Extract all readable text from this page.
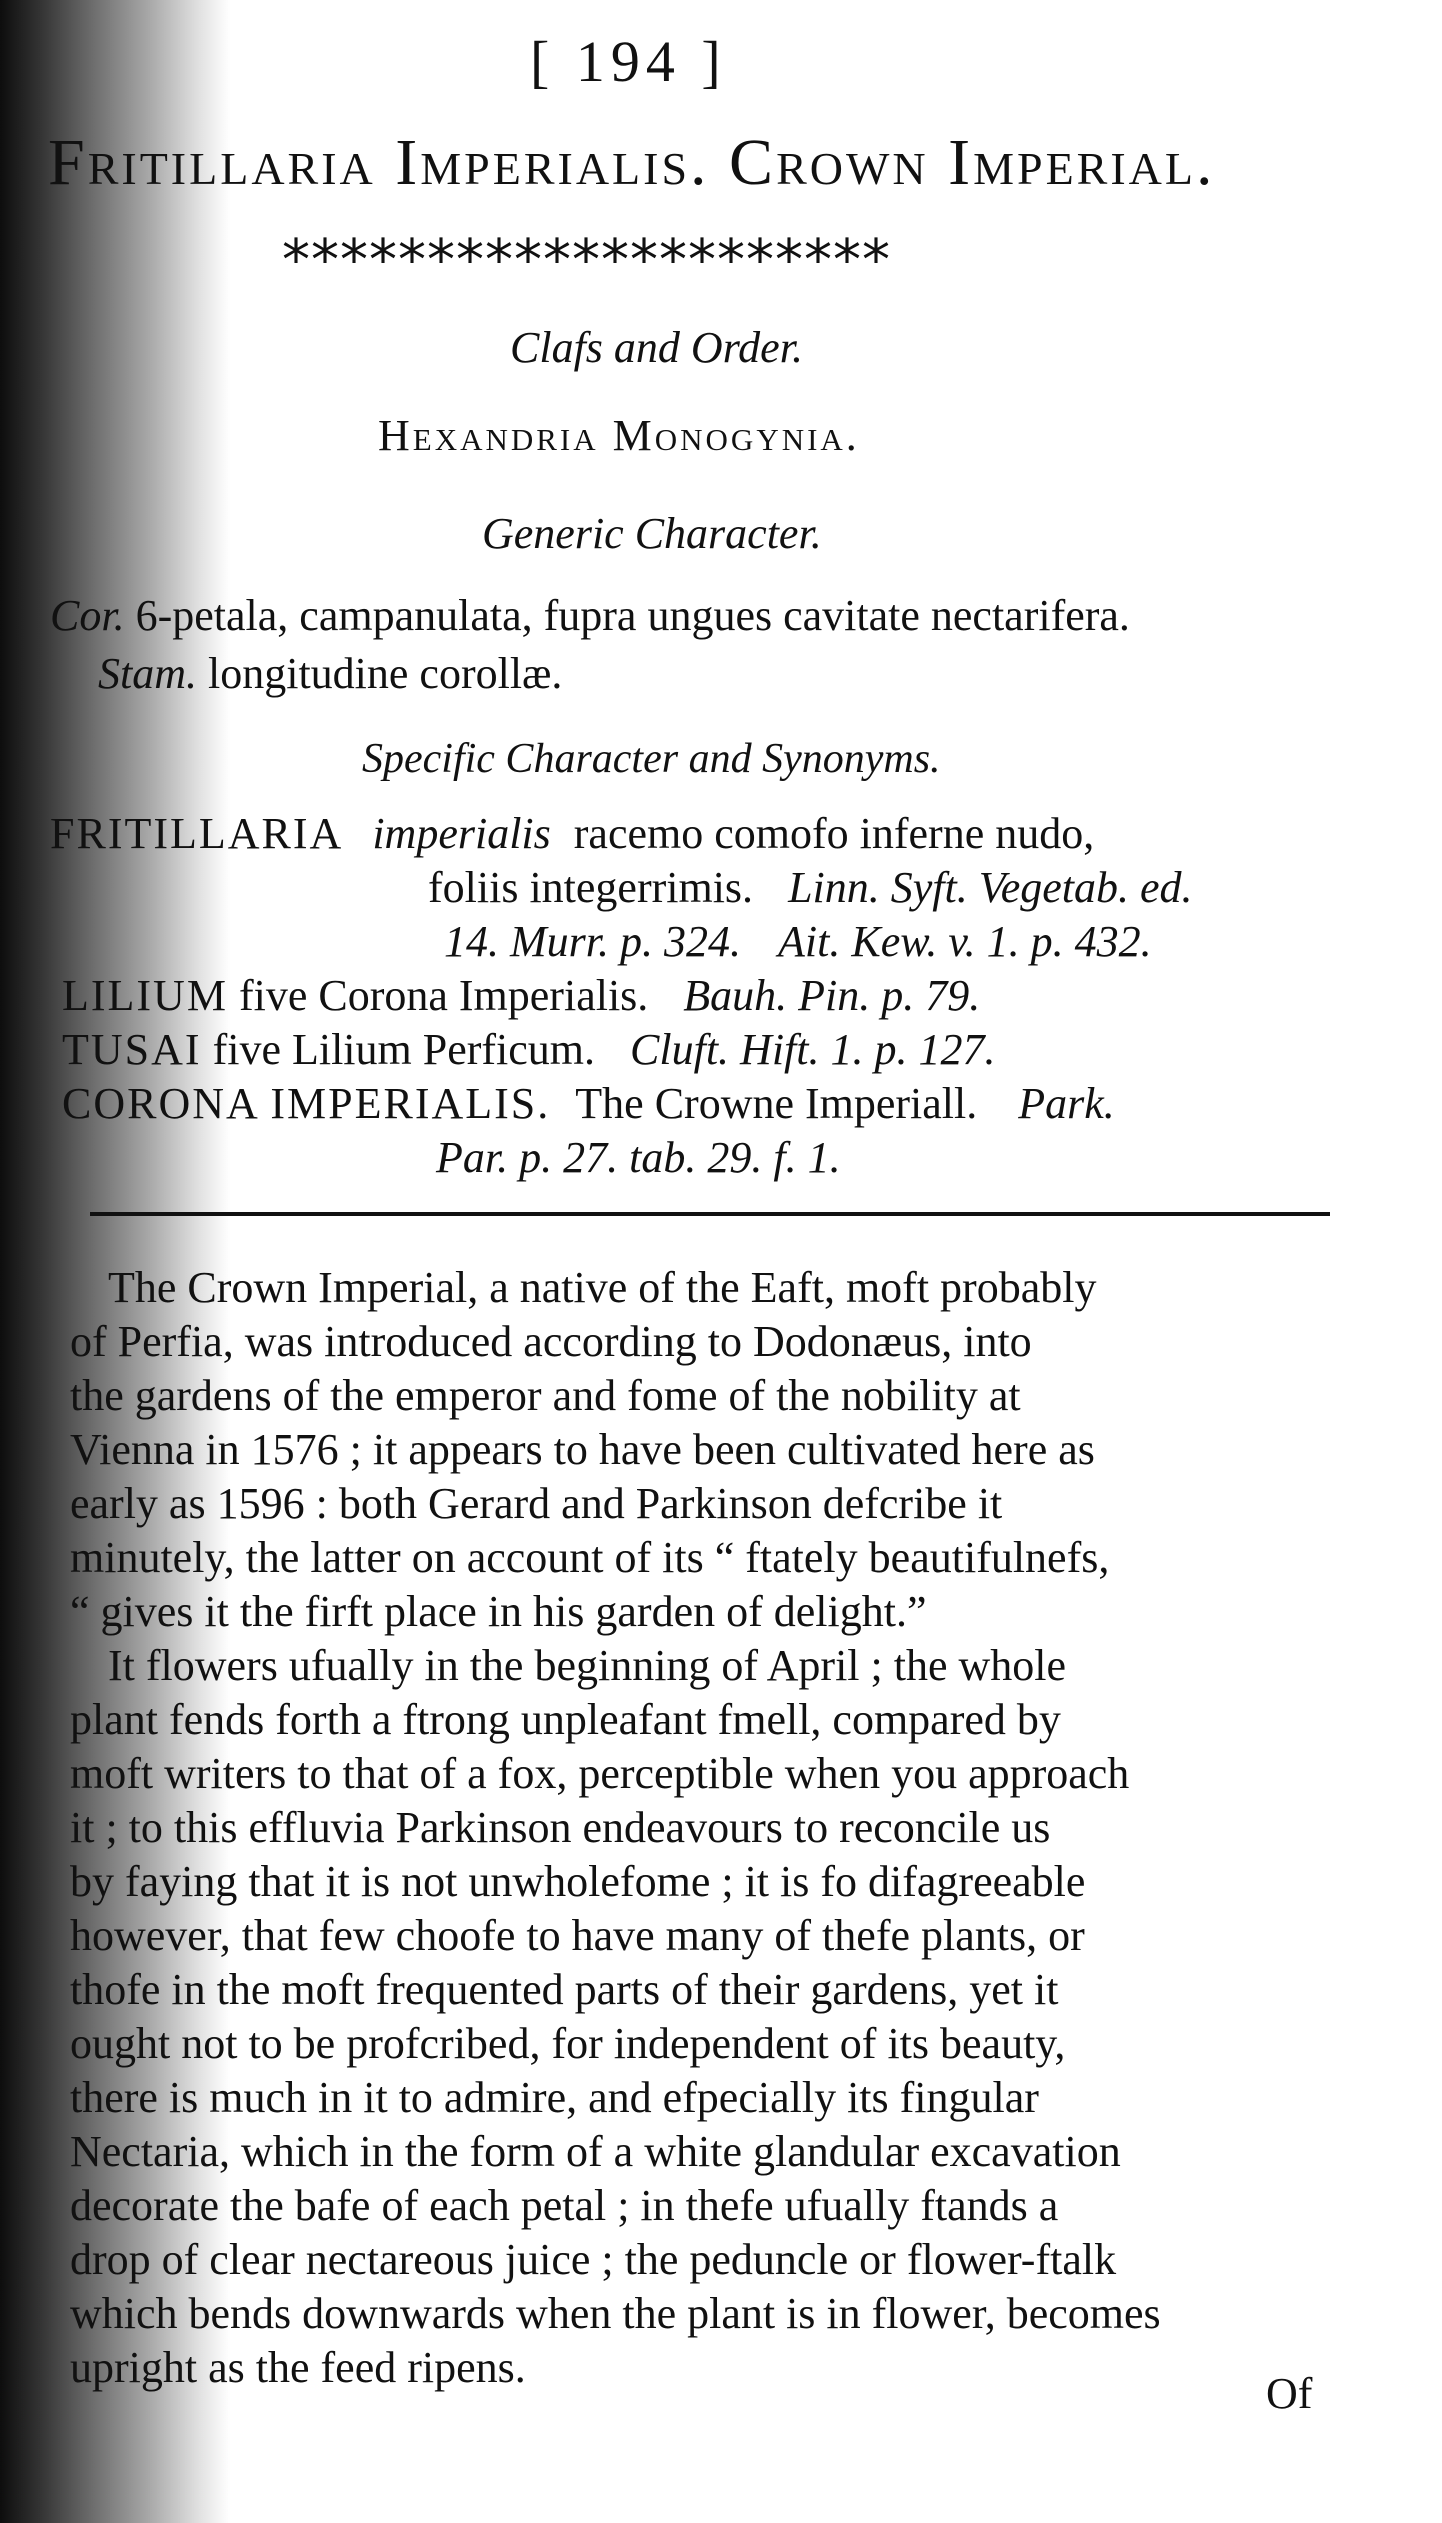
[ 194 ]
Fritillaria Imperialis. Crown Imperial.
*********************
Clafs and Order.
Hexandria Monogynia.
Generic Character.
Cor. 6-petala, campanulata, fupra ungues cavitate nectarifera.
Stam. longitudine corollæ.
Specific Character and Synonyms.
FRITILLARIA imperialis racemo comofo inferne nudo,
foliis integerrimis. Linn. Syft. Vegetab. ed.
14. Murr. p. 324. Ait. Kew. v. 1. p. 432.
LILIUM five Corona Imperialis. Bauh. Pin. p. 79.
TUSAI five Lilium Perficum. Cluft. Hift. 1. p. 127.
CORONA IMPERIALIS. The Crowne Imperiall. Park.
Par. p. 27. tab. 29. f. 1.
The Crown Imperial, a native of the Eaft, moft probably
of Perfia, was introduced according to Dodonæus, into
the gardens of the emperor and fome of the nobility at
Vienna in 1576 ; it appears to have been cultivated here as
early as 1596 : both Gerard and Parkinson defcribe it
minutely, the latter on account of its “ ftately beautifulnefs,
“ gives it the firft place in his garden of delight.”
It flowers ufually in the beginning of April ; the whole
plant fends forth a ftrong unpleafant fmell, compared by
moft writers to that of a fox, perceptible when you approach
it ; to this effluvia Parkinson endeavours to reconcile us
by faying that it is not unwholefome ; it is fo difagreeable
however, that few choofe to have many of thefe plants, or
thofe in the moft frequented parts of their gardens, yet it
ought not to be profcribed, for independent of its beauty,
there is much in it to admire, and efpecially its fingular
Nectaria, which in the form of a white glandular excavation
decorate the bafe of each petal ; in thefe ufually ftands a
drop of clear nectareous juice ; the peduncle or flower-ftalk
which bends downwards when the plant is in flower, becomes
upright as the feed ripens.
Of
